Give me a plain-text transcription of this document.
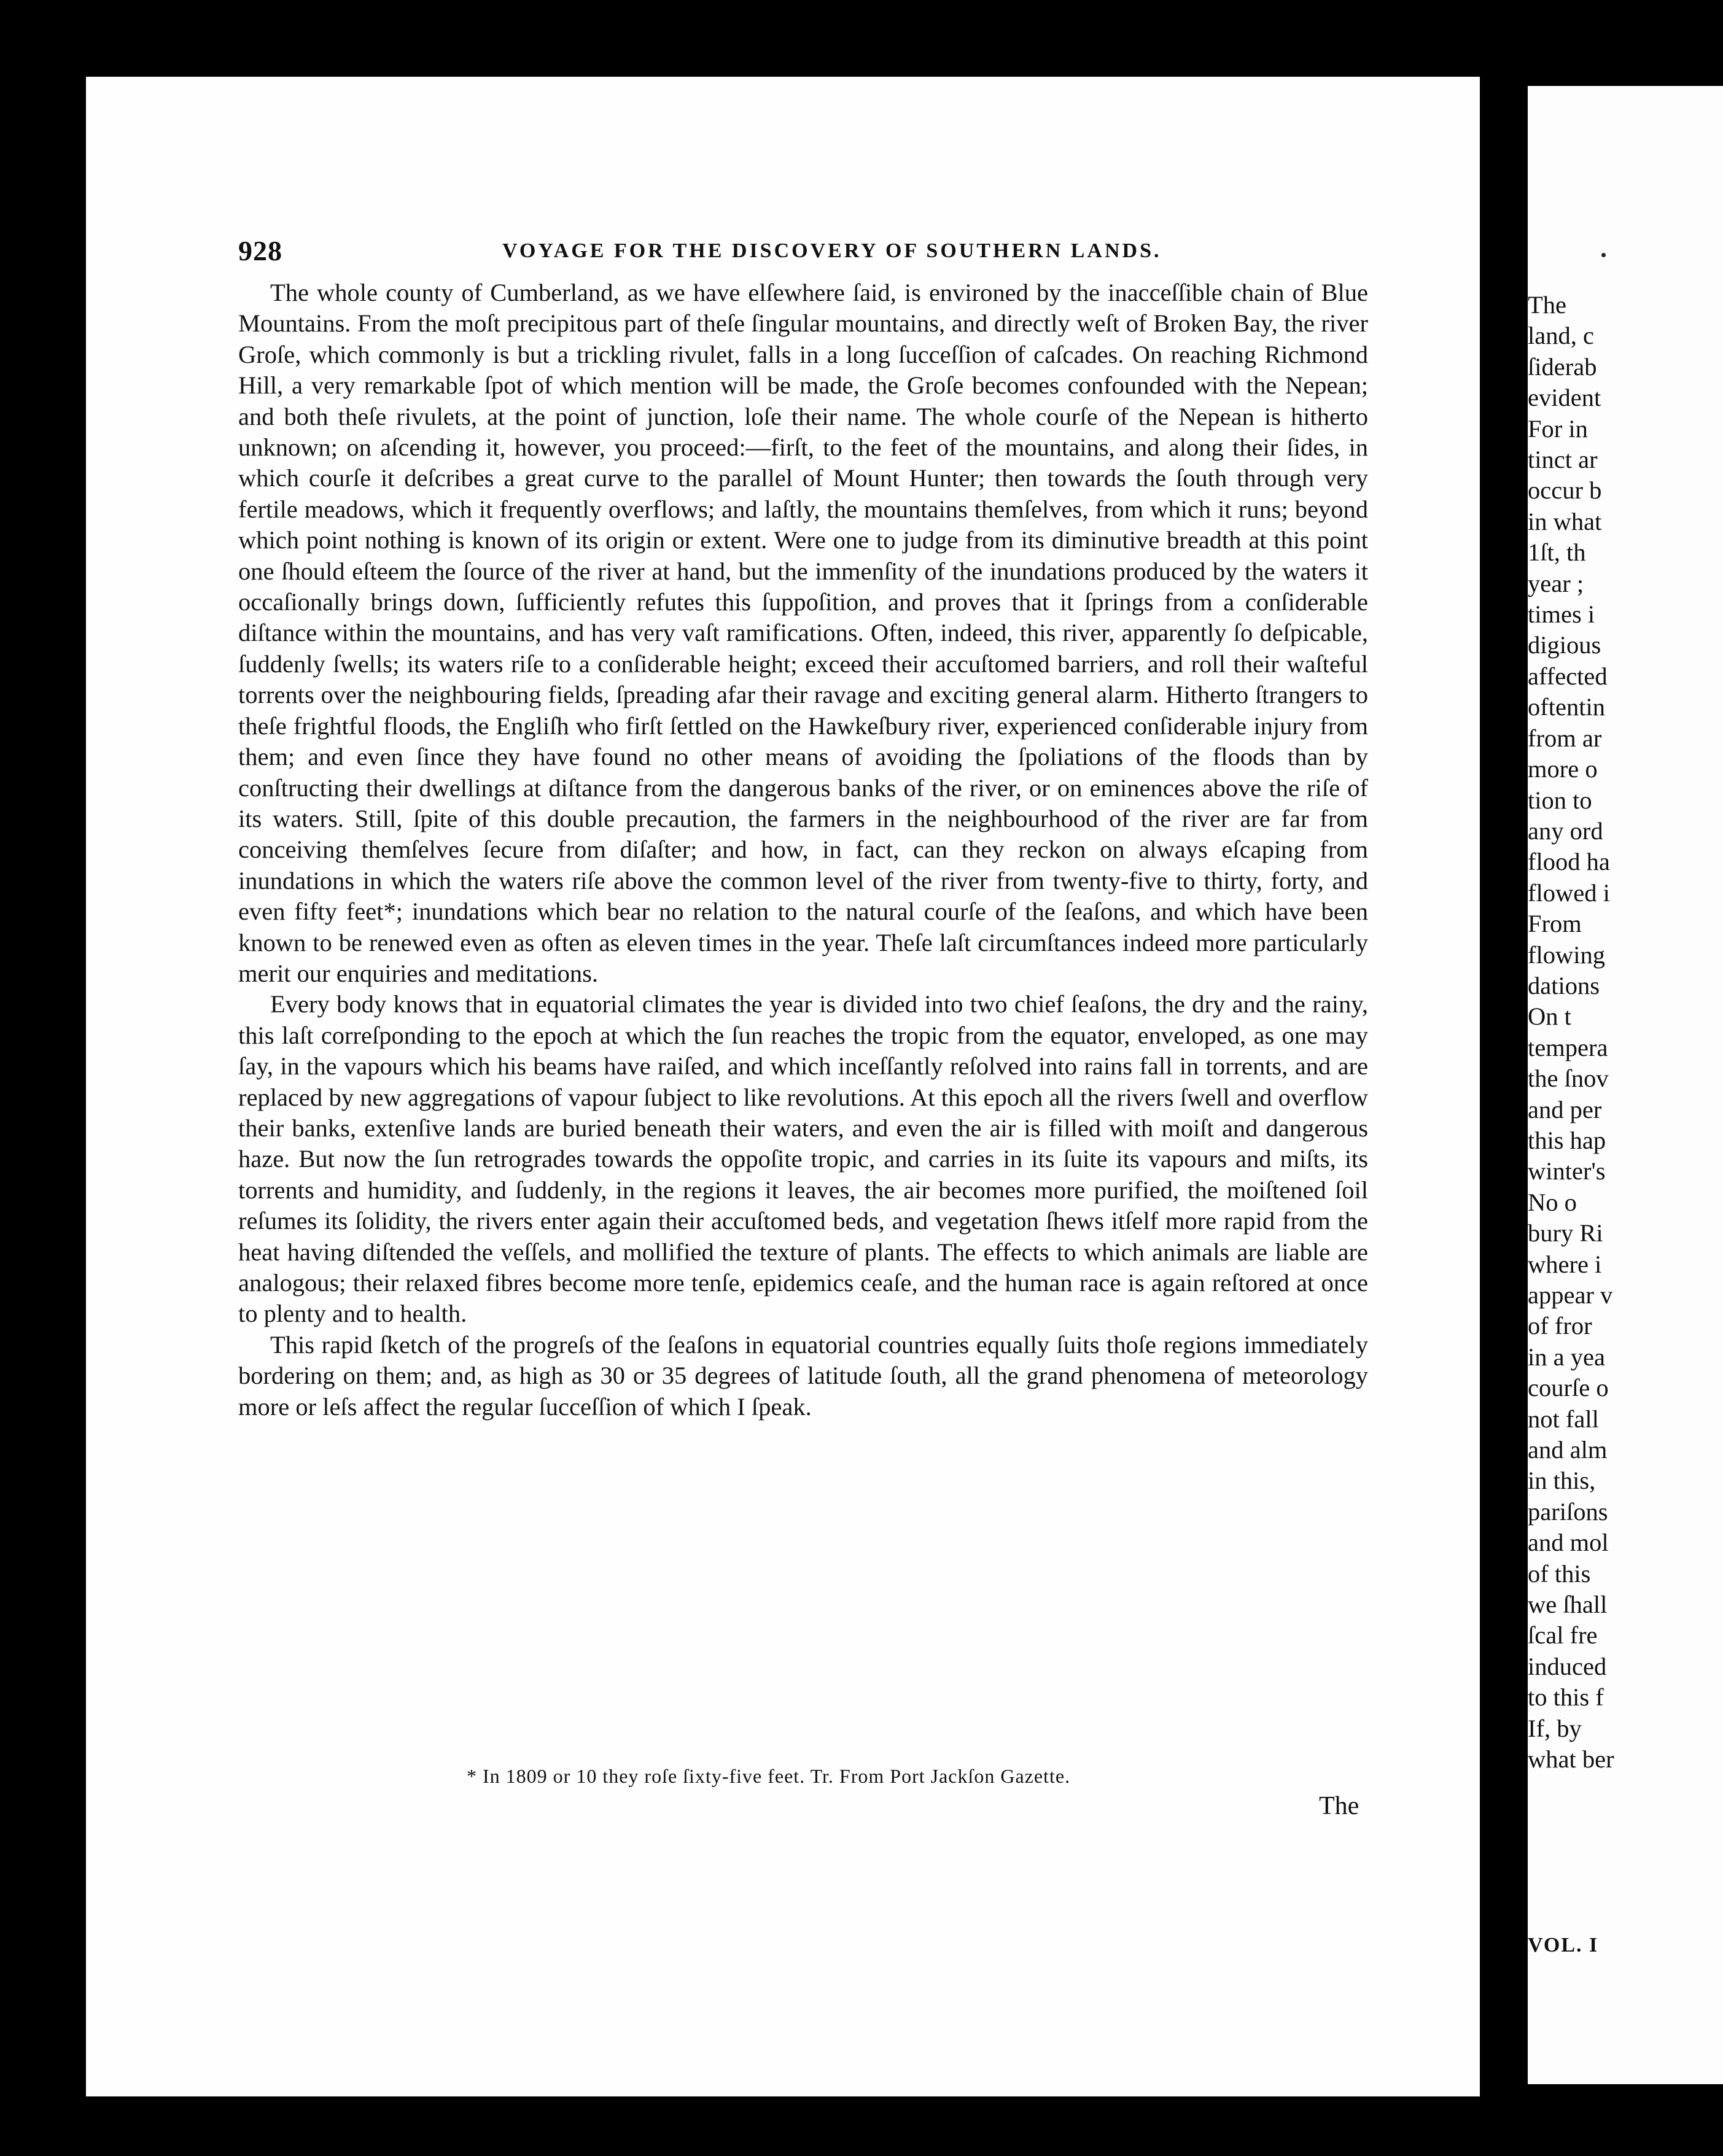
The
land, c
ſiderab
evident
For in
tinct ar
occur b
in what
1ſt, th
year ;
times i
digious
affected
oftentin
from ar
more o
tion to
any ord
flood ha
flowed i
From
flowing
dations
On t
tempera
the ſnov
and per
this hap
winter's
No o
bury Ri
where i
appear v
of fror
in a yea
courſe o
not fall
and alm
in this,
pariſons
and mol
of this
we ſhall
ſcal fre
induced
to this f
If, by
what ber
VOL. I
928	VOYAGE FOR THE DISCOVERY OF SOUTHERN LANDS.

The whole county of Cumberland, as we have elſewhere ſaid, is environed by the inacceſſible chain of Blue Mountains. From the moſt precipitous part of theſe ſingular mountains, and directly weſt of Broken Bay, the river Groſe, which commonly is but a trickling rivulet, falls in a long ſucceſſion of caſcades. On reaching Richmond Hill, a very remarkable ſpot of which mention will be made, the Groſe becomes confounded with the Nepean; and both theſe rivulets, at the point of junction, loſe their name. The whole courſe of the Nepean is hitherto unknown; on aſcending it, however, you proceed:—firſt, to the feet of the mountains, and along their ſides, in which courſe it deſcribes a great curve to the parallel of Mount Hunter; then towards the ſouth through very fertile meadows, which it frequently overflows; and laſtly, the mountains themſelves, from which it runs; beyond which point nothing is known of its origin or extent. Were one to judge from its diminutive breadth at this point one ſhould eſteem the ſource of the river at hand, but the immenſity of the inundations produced by the waters it occaſionally brings down, ſufficiently refutes this ſuppoſition, and proves that it ſprings from a conſiderable diſtance within the mountains, and has very vaſt ramifications. Often, indeed, this river, apparently ſo deſpicable, ſuddenly ſwells; its waters riſe to a conſiderable height; exceed their accuſtomed barriers, and roll their waſteful torrents over the neighbouring fields, ſpreading afar their ravage and exciting general alarm. Hitherto ſtrangers to theſe frightful floods, the Engliſh who firſt ſettled on the Hawkeſbury river, experienced conſiderable injury from them; and even ſince they have found no other means of avoiding the ſpoliations of the floods than by conſtructing their dwellings at diſtance from the dangerous banks of the river, or on eminences above the riſe of its waters. Still, ſpite of this double precaution, the farmers in the neighbourhood of the river are far from conceiving themſelves ſecure from diſaſter; and how, in fact, can they reckon on always eſcaping from inundations in which the waters riſe above the common level of the river from twenty-five to thirty, forty, and even fifty feet*; inundations which bear no relation to the natural courſe of the ſeaſons, and which have been known to be renewed even as often as eleven times in the year. Theſe laſt circumſtances indeed more particularly merit our enquiries and meditations.

Every body knows that in equatorial climates the year is divided into two chief ſeaſons, the dry and the rainy, this laſt correſponding to the epoch at which the ſun reaches the tropic from the equator, enveloped, as one may ſay, in the vapours which his beams have raiſed, and which inceſſantly reſolved into rains fall in torrents, and are replaced by new aggregations of vapour ſubject to like revolutions. At this epoch all the rivers ſwell and overflow their banks, extenſive lands are buried beneath their waters, and even the air is filled with moiſt and dangerous haze. But now the ſun retrogrades towards the oppoſite tropic, and carries in its ſuite its vapours and miſts, its torrents and humidity, and ſuddenly, in the regions it leaves, the air becomes more purified, the moiſtened ſoil reſumes its ſolidity, the rivers enter again their accuſtomed beds, and vegetation ſhews itſelf more rapid from the heat having diſtended the veſſels, and mollified the texture of plants. The effects to which animals are liable are analogous; their relaxed fibres become more tenſe, epidemics ceaſe, and the human race is again reſtored at once to plenty and to health.

This rapid ſketch of the progreſs of the ſeaſons in equatorial countries equally ſuits thoſe regions immediately bordering on them; and, as high as 30 or 35 degrees of latitude ſouth, all the grand phenomena of meteorology more or leſs affect the regular ſucceſſion of which I ſpeak.

* In 1809 or 10 they roſe ſixty-five feet. Tr. From Port Jackſon Gazette.
The
